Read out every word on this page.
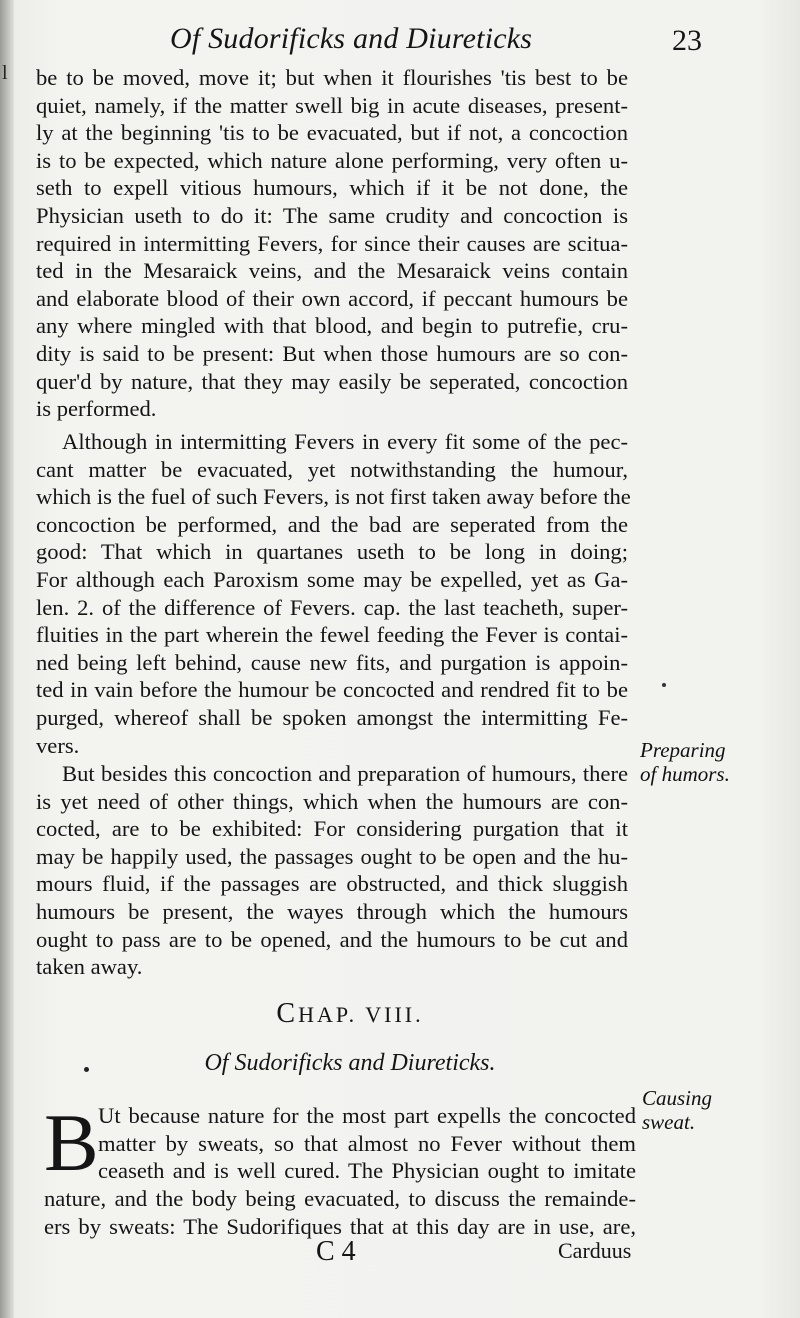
l
Of Sudorificks and Diureticks	23
be to be moved, move it; but when it flourishes 'tis best to be
quiet, namely, if the matter swell big in acute diseases, present-
ly at the beginning 'tis to be evacuated, but if not, a concoction
is to be expected, which nature alone performing, very often u-
seth to expell vitious humours, which if it be not done, the
Physician useth to do it: The same crudity and concoction is
required in intermitting Fevers, for since their causes are scitua-
ted in the Mesaraick veins, and the Mesaraick veins contain
and elaborate blood of their own accord, if peccant humours be
any where mingled with that blood, and begin to putrefie, cru-
dity is said to be present: But when those humours are so con-
quer'd by nature, that they may easily be seperated, concoction
is performed.
Although in intermitting Fevers in every fit some of the pec-
cant matter be evacuated, yet notwithstanding the humour,
which is the fuel of such Fevers, is not first taken away before the
concoction be performed, and the bad are seperated from the
good: That which in quartanes useth to be long in doing;
For although each Paroxism some may be expelled, yet as Ga-
len. 2. of the difference of Fevers. cap. the last teacheth, super-
fluities in the part wherein the fewel feeding the Fever is contai-
ned being left behind, cause new fits, and purgation is appoin-
ted in vain before the humour be concocted and rendred fit to be
purged, whereof shall be spoken amongst the intermitting Fe-
vers.
But besides this concoction and preparation of humours, there
is yet need of other things, which when the humours are con-
cocted, are to be exhibited: For considering purgation that it
may be happily used, the passages ought to be open and the hu-
mours fluid, if the passages are obstructed, and thick sluggish
humours be present, the wayes through which the humours
ought to pass are to be opened, and the humours to be cut and
taken away.
CHAP. VIII.
Of Sudorificks and Diureticks.
B Ut because nature for the most part expells the concocted
matter by sweats, so that almost no Fever without them
ceaseth and is well cured. The Physician ought to imitate
nature, and the body being evacuated, to discuss the remainde-
ers by sweats: The Sudorifiques that at this day are in use, are,
Preparing
of humors.
Causing
sweat.
C 4	Carduus
